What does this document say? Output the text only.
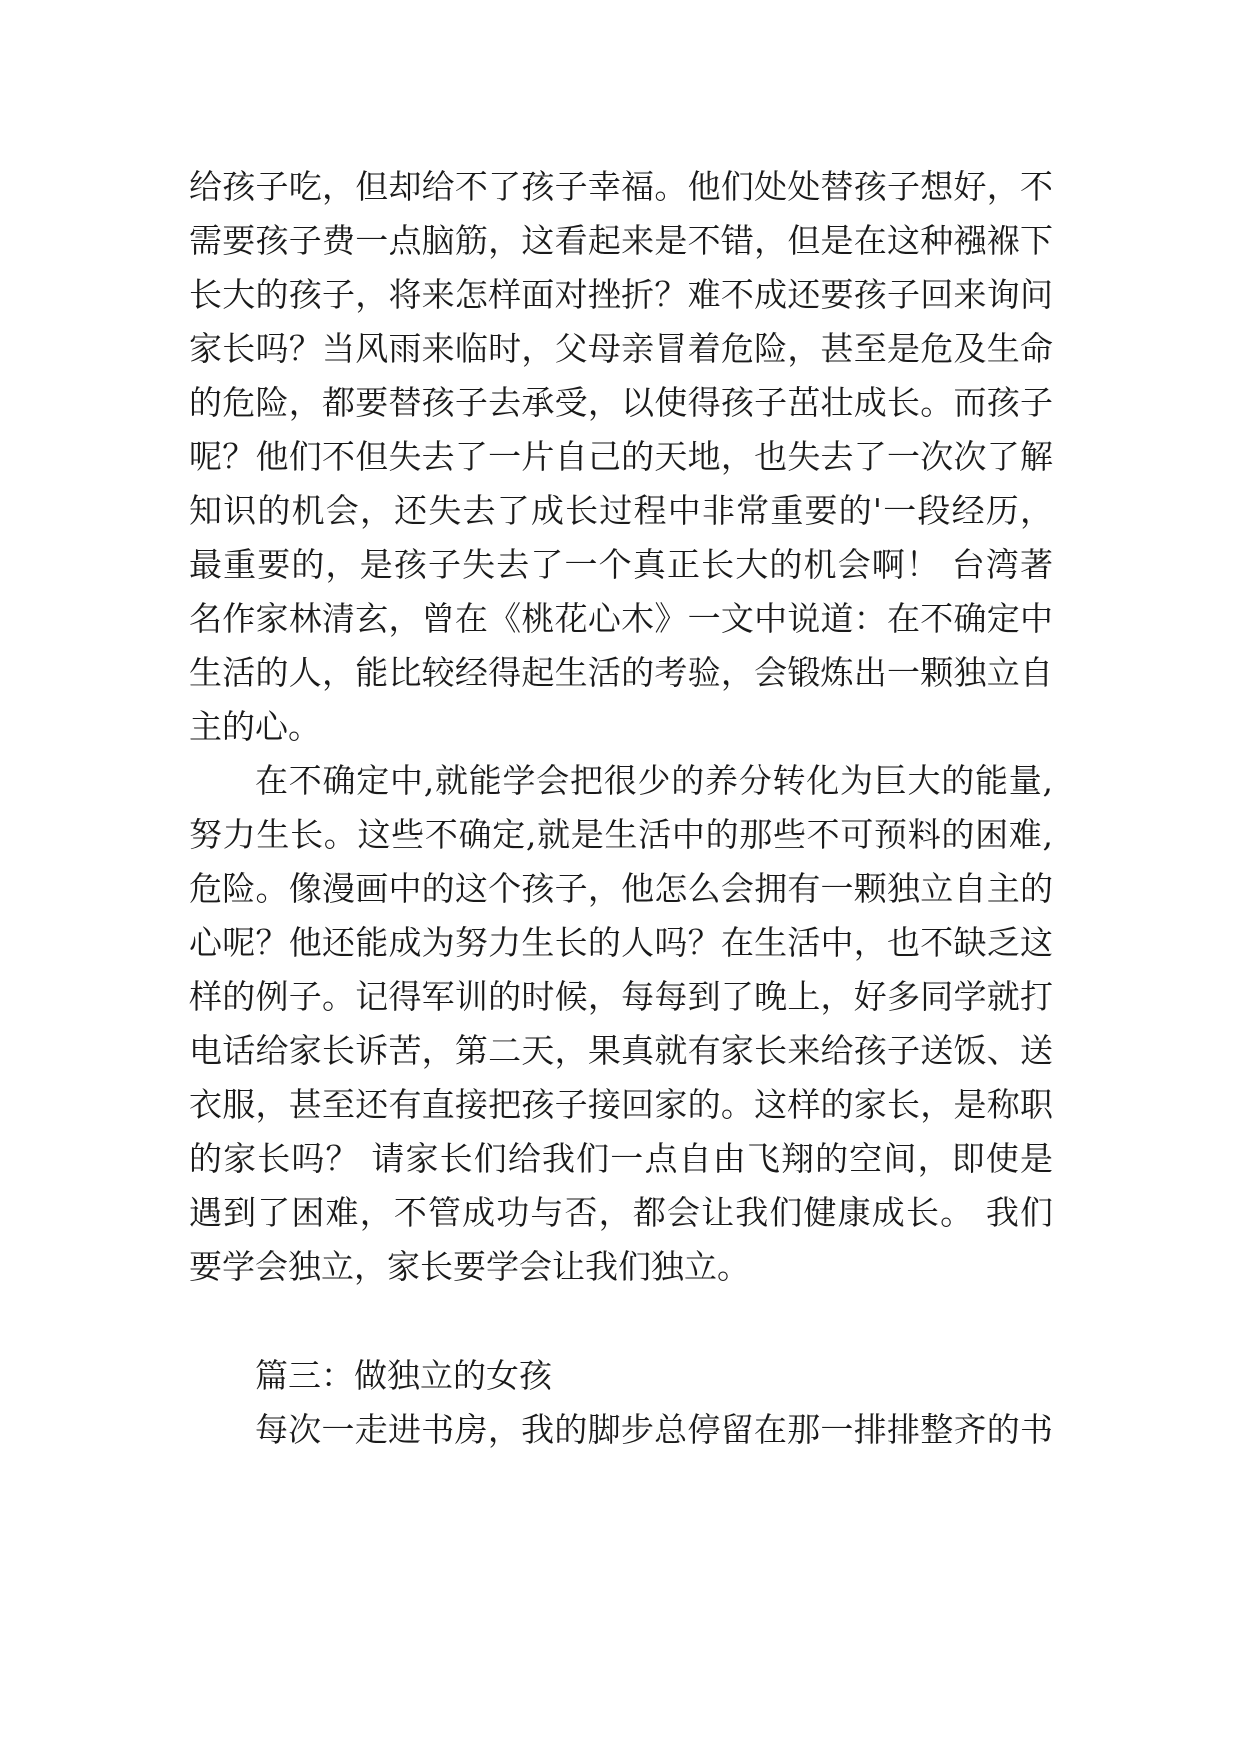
给孩子吃，但却给不了孩子幸福。他们处处替孩子想好，不
需要孩子费一点脑筋，这看起来是不错，但是在这种襁褓下
长大的孩子，将来怎样面对挫折？难不成还要孩子回来询问
家长吗？当风雨来临时，父母亲冒着危险，甚至是危及生命
的危险，都要替孩子去承受，以使得孩子茁壮成长。而孩子
呢？他们不但失去了一片自己的天地，也失去了一次次了解
知识的机会，还失去了成长过程中非常重要的'一段经历，
最重要的，是孩子失去了一个真正长大的机会啊！ 台湾著
名作家林清玄，曾在《桃花心木》一文中说道：在不确定中
生活的人，能比较经得起生活的考验，会锻炼出一颗独立自
主的心。
在不确定中,就能学会把很少的养分转化为巨大的能量,
努力生长。这些不确定,就是生活中的那些不可预料的困难,
危险。像漫画中的这个孩子，他怎么会拥有一颗独立自主的
心呢？他还能成为努力生长的人吗？在生活中，也不缺乏这
样的例子。记得军训的时候，每每到了晚上，好多同学就打
电话给家长诉苦，第二天，果真就有家长来给孩子送饭、送
衣服，甚至还有直接把孩子接回家的。这样的家长，是称职
的家长吗？ 请家长们给我们一点自由飞翔的空间，即使是
遇到了困难，不管成功与否，都会让我们健康成长。 我们
要学会独立，家长要学会让我们独立。
篇三：做独立的女孩
每次一走进书房，我的脚步总停留在那一排排整齐的书
